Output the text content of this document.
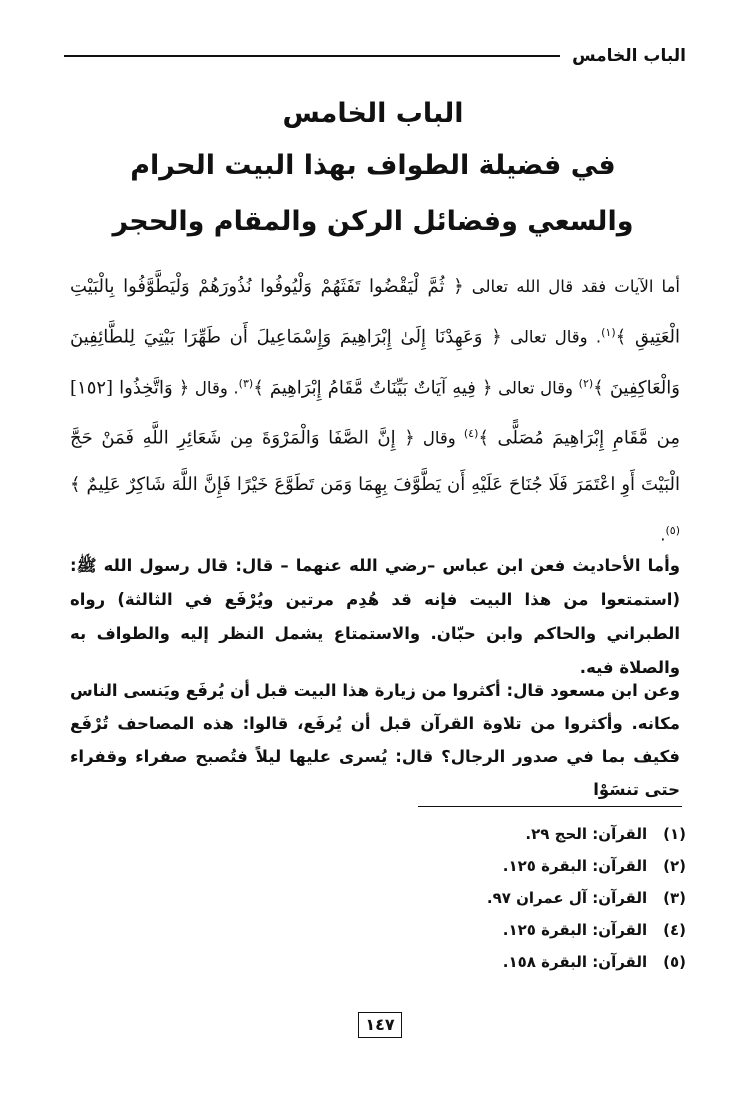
الباب الخامس
الباب الخامس
في فضيلة الطواف بهذا البيت الحرام
والسعي وفضائل الركن والمقام والحجر

أما الآيات فقد قال الله تعالى ﴿ ثُمَّ لْيَقْضُوا تَفَثَهُمْ وَلْيُوفُوا نُذُورَهُمْ وَلْيَطَّوَّفُوا بِالْبَيْتِ الْعَتِيقِ ﴾$^{(١)}$. وقال تعالى ﴿ وَعَهِدْنَا إِلَىٰ إِبْرَاهِيمَ وَإِسْمَاعِيلَ أَن طَهِّرَا بَيْتِيَ لِلطَّائِفِينَ وَالْعَاكِفِينَ ﴾$^{(٢)}$ وقال تعالى ﴿ فِيهِ آيَاتٌ بَيِّنَاتٌ مَّقَامُ إِبْرَاهِيمَ ﴾$^{(٣)}$. وقال ﴿ وَاتَّخِذُوا [١٥٢] مِن مَّقَامِ إِبْرَاهِيمَ مُصَلًّى ﴾$^{(٤)}$ وقال ﴿ إِنَّ الصَّفَا وَالْمَرْوَةَ مِن شَعَائِرِ اللَّهِ فَمَنْ حَجَّ الْبَيْتَ أَوِ اعْتَمَرَ فَلَا جُنَاحَ عَلَيْهِ أَن يَطَّوَّفَ بِهِمَا وَمَن تَطَوَّعَ خَيْرًا فَإِنَّ اللَّهَ شَاكِرٌ عَلِيمٌ ﴾$^{(٥)}$.

وأما الأحاديث فعن ابن عباس –رضي الله عنهما – قال: قال رسول الله ﷺ: (استمتعوا من هذا البيت فإنه قد هُدِم مرتين ويُرْفَع في الثالثة) رواه الطبراني والحاكم وابن حبّان. والاستمتاع يشمل النظر إليه والطواف به والصلاة فيه.

وعن ابن مسعود قال: أكثروا من زيارة هذا البيت قبل أن يُرفَع ويَنسى الناس مكانه. وأكثروا من تلاوة القرآن قبل أن يُرفَع، قالوا: هذه المصاحف تُرْفَع فكيف بما في صدور الرجال؟ قال: يُسرى عليها ليلاً فتُصبح صفراء وقفراء حتى تنسَوْا

(١)القرآن: الحج ٢٩.
(٢)القرآن: البقرة ١٢٥.
(٣)القرآن: آل عمران ٩٧.
(٤)القرآن: البقرة ١٢٥.
(٥)القرآن: البقرة ١٥٨.
١٤٧
